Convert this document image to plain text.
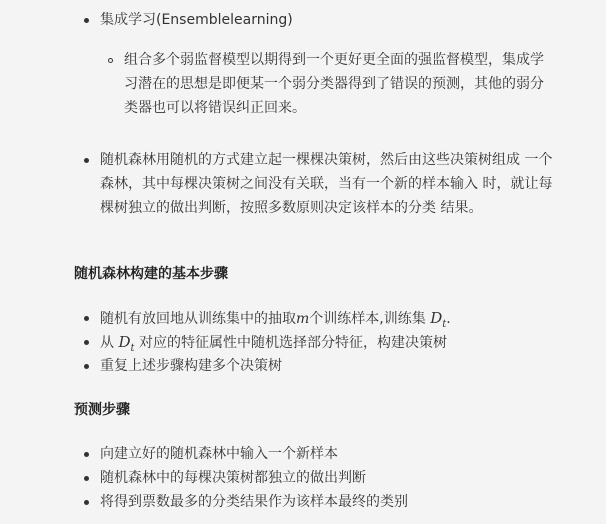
集成学习(Ensemblelearning)
组合多个弱监督模型以期得到一个更好更全面的强监督模型，集成学 习潜在的思想是即便某一个弱分类器得到了错误的预测，其他的弱分 类器也可以将错误纠正回来。
随机森林用随机的方式建立起一棵棵决策树，然后由这些决策树组成 一个森林，其中每棵决策树之间没有关联，当有一个新的样本输入 时，就让每棵树独立的做出判断，按照多数原则决定该样本的分类 结果。
随机森林构建的基本步骤
随机有放回地从训练集中的抽取m个训练样本,训练集 $D_t$.
从 $D_t$ 对应的特征属性中随机选择部分特征，构建决策树
重复上述步骤构建多个决策树
预测步骤
向建立好的随机森林中输入一个新样本
随机森林中的每棵决策树都独立的做出判断
将得到票数最多的分类结果作为该样本最终的类别
